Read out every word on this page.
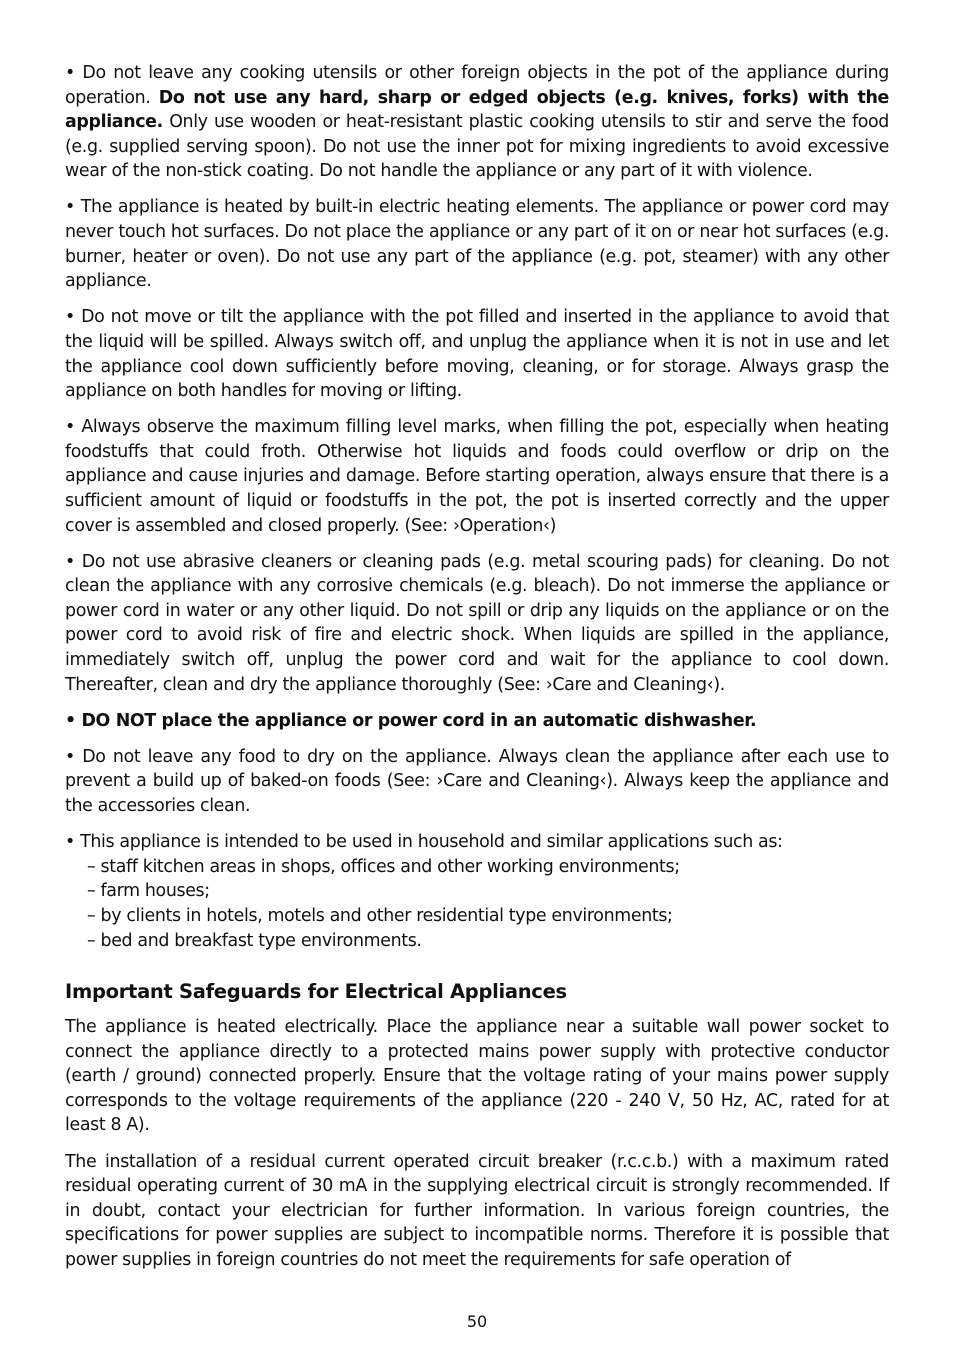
• Do not leave any cooking utensils or other foreign objects in the pot of the appliance during operation. Do not use any hard, sharp or edged objects (e.g. knives, forks) with the appliance. Only use wooden or heat-resistant plastic cooking utensils to stir and serve the food (e.g. supplied serving spoon). Do not use the inner pot for mixing ingredients to avoid excessive wear of the non-stick coating. Do not handle the appliance or any part of it with violence.

• The appliance is heated by built-in electric heating elements. The appliance or power cord may never touch hot surfaces. Do not place the appliance or any part of it on or near hot surfaces (e.g. burner, heater or oven). Do not use any part of the appliance (e.g. pot, steamer) with any other appliance.

• Do not move or tilt the appliance with the pot filled and inserted in the appliance to avoid that the liquid will be spilled. Always switch off, and unplug the appliance when it is not in use and let the appliance cool down sufficiently before moving, cleaning, or for storage. Always grasp the appliance on both handles for moving or lifting.

• Always observe the maximum filling level marks, when filling the pot, especially when heating foodstuffs that could froth. Otherwise hot liquids and foods could overflow or drip on the appliance and cause injuries and damage. Before starting operation, always ensure that there is a sufficient amount of liquid or foodstuffs in the pot, the pot is inserted correctly and the upper cover is assembled and closed properly. (See: ›Operation‹)

• Do not use abrasive cleaners or cleaning pads (e.g. metal scouring pads) for cleaning. Do not clean the appliance with any corrosive chemicals (e.g. bleach). Do not immerse the appliance or power cord in water or any other liquid. Do not spill or drip any liquids on the appliance or on the power cord to avoid risk of fire and electric shock. When liquids are spilled in the appliance, immediately switch off, unplug the power cord and wait for the appliance to cool down. Thereafter, clean and dry the appliance thoroughly (See: ›Care and Cleaning‹).

• DO NOT place the appliance or power cord in an automatic dishwasher.

• Do not leave any food to dry on the appliance. Always clean the appliance after each use to prevent a build up of baked-on foods (See: ›Care and Cleaning‹). Always keep the appliance and the accessories clean.

• This appliance is intended to be used in household and similar applications such as:
– staff kitchen areas in shops, offices and other working environments;
– farm houses;
– by clients in hotels, motels and other residential type environments;
– bed and breakfast type environments.
Important Safeguards for Electrical Appliances

The appliance is heated electrically. Place the appliance near a suitable wall power socket to connect the appliance directly to a protected mains power supply with protective conductor (earth / ground) connected properly. Ensure that the voltage rating of your mains power supply corresponds to the voltage requirements of the appliance (220 - 240 V, 50 Hz, AC, rated for at least 8 A).

The installation of a residual current operated circuit breaker (r.c.c.b.) with a maximum rated residual operating current of 30 mA in the supplying electrical circuit is strongly recommended. If in doubt, contact your electrician for further information. In various foreign countries, the specifications for power supplies are subject to incompatible norms. Therefore it is possible that power supplies in foreign countries do not meet the requirements for safe operation of

50
